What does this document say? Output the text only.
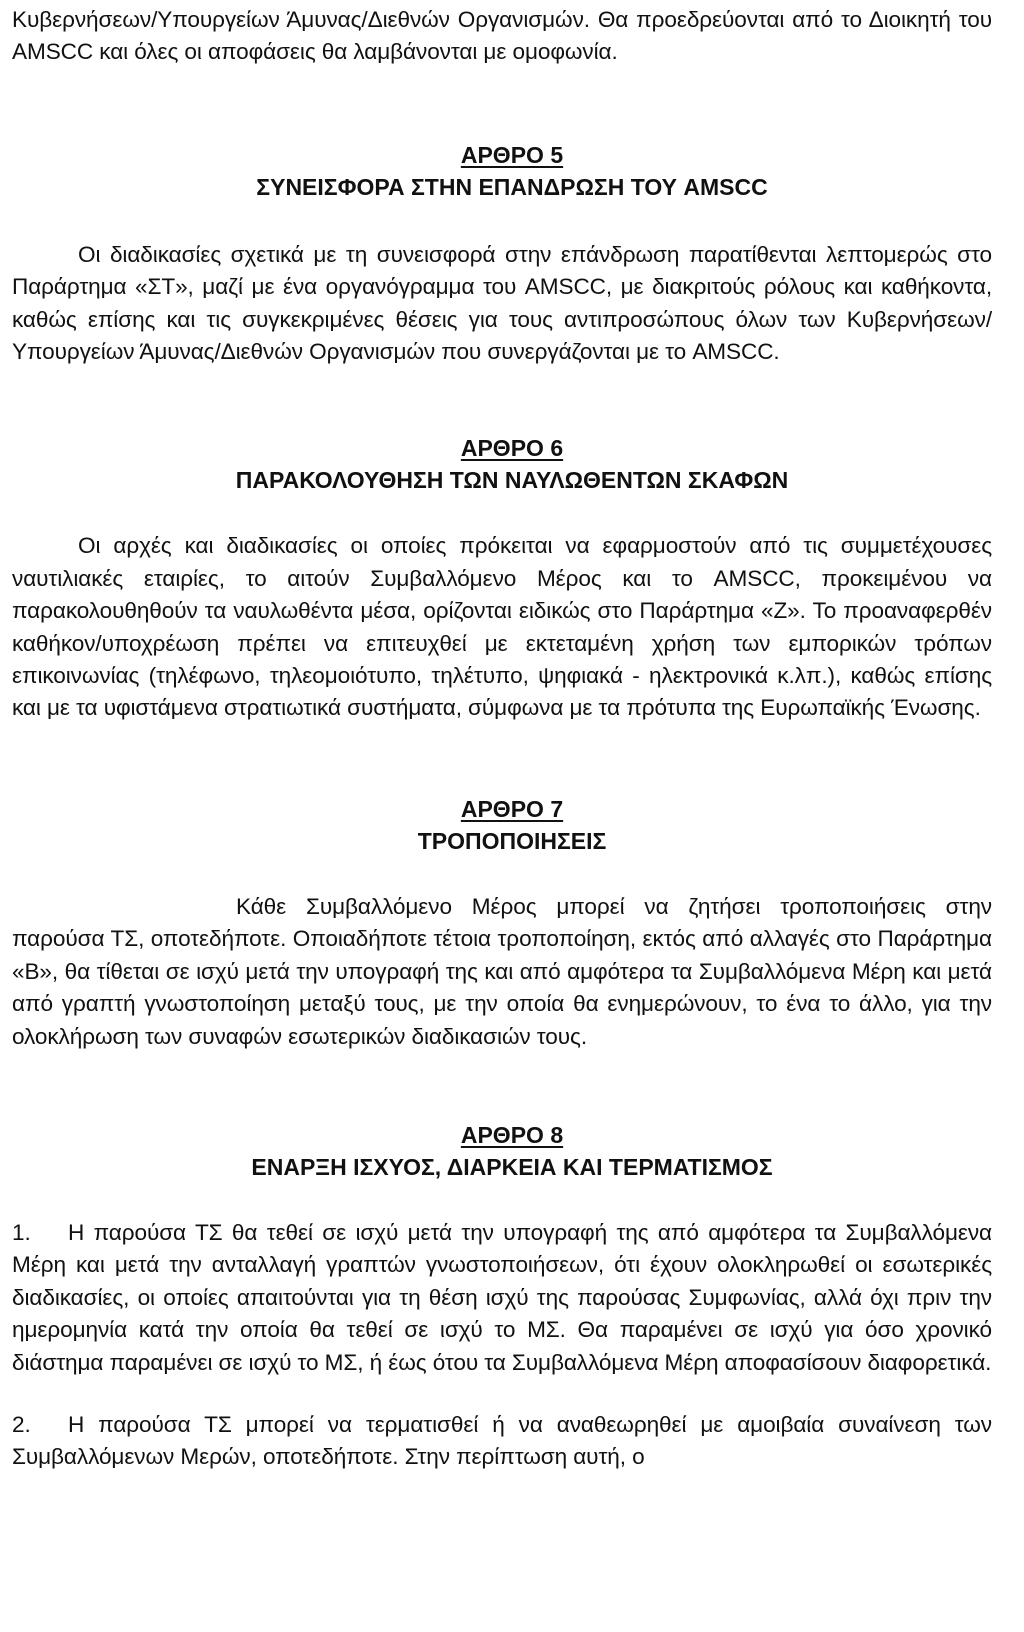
Κυβερνήσεων/Υπουργείων Άμυνας/Διεθνών Οργανισμών. Θα προεδρεύονται από το Διοικητή του AMSCC και όλες οι αποφάσεις θα λαμβάνονται με ομοφωνία.

ΑΡΘΡΟ 5
ΣΥΝΕΙΣΦΟΡΑ ΣΤΗΝ ΕΠΑΝΔΡΩΣΗ ΤΟΥ AMSCC

Οι διαδικασίες σχετικά με τη συνεισφορά στην επάνδρωση παρατίθενται λεπτομερώς στο Παράρτημα «ΣΤ», μαζί με ένα οργανόγραμμα του AMSCC, με διακριτούς ρόλους και καθήκοντα, καθώς επίσης και τις συγκεκριμένες θέσεις για τους αντιπροσώπους όλων των Κυβερνήσεων/Υπουργείων Άμυνας/Διεθνών Οργανισμών που συνεργάζονται με το AMSCC.

ΑΡΘΡΟ 6
ΠΑΡΑΚΟΛΟΥΘΗΣΗ ΤΩΝ ΝΑΥΛΩΘΕΝΤΩΝ ΣΚΑΦΩΝ

Οι αρχές και διαδικασίες οι οποίες πρόκειται να εφαρμοστούν από τις συμμετέχουσες ναυτιλιακές εταιρίες, το αιτούν Συμβαλλόμενο Μέρος και το AMSCC, προκειμένου να παρακολουθηθούν τα ναυλωθέντα μέσα, ορίζονται ειδικώς στο Παράρτημα «Ζ». Το προαναφερθέν καθήκον/υποχρέωση πρέπει να επιτευχθεί με εκτεταμένη χρήση των εμπορικών τρόπων επικοινωνίας (τηλέφωνο, τηλεομοιότυπο, τηλέτυπο, ψηφιακά - ηλεκτρονικά κ.λπ.), καθώς επίσης και με τα υφιστάμενα στρατιωτικά συστήματα, σύμφωνα με τα πρότυπα της Ευρωπαϊκής Ένωσης.

ΑΡΘΡΟ 7
ΤΡΟΠΟΠΟΙΗΣΕΙΣ

Κάθε Συμβαλλόμενο Μέρος μπορεί να ζητήσει τροποποιήσεις στην παρούσα ΤΣ, οποτεδήποτε. Οποιαδήποτε τέτοια τροποποίηση, εκτός από αλλαγές στο Παράρτημα «Β», θα τίθεται σε ισχύ μετά την υπογραφή της και από αμφότερα τα Συμβαλλόμενα Μέρη και μετά από γραπτή γνωστοποίηση μεταξύ τους, με την οποία θα ενημερώνουν, το ένα το άλλο, για την ολοκλήρωση των συναφών εσωτερικών διαδικασιών τους.

ΑΡΘΡΟ 8
ΕΝΑΡΞΗ ΙΣΧΥΟΣ, ΔΙΑΡΚΕΙΑ ΚΑΙ ΤΕΡΜΑΤΙΣΜΟΣ

1. Η παρούσα ΤΣ θα τεθεί σε ισχύ μετά την υπογραφή της από αμφότερα τα Συμβαλλόμενα Μέρη και μετά την ανταλλαγή γραπτών γνωστοποιήσεων, ότι έχουν ολοκληρωθεί οι εσωτερικές διαδικασίες, οι οποίες απαιτούνται για τη θέση ισχύ της παρούσας Συμφωνίας, αλλά όχι πριν την ημερομηνία κατά την οποία θα τεθεί σε ισχύ το ΜΣ. Θα παραμένει σε ισχύ για όσο χρονικό διάστημα παραμένει σε ισχύ το ΜΣ, ή έως ότου τα Συμβαλλόμενα Μέρη αποφασίσουν διαφορετικά.

2. Η παρούσα ΤΣ μπορεί να τερματισθεί ή να αναθεωρηθεί με αμοιβαία συναίνεση των Συμβαλλόμενων Μερών, οποτεδήποτε. Στην περίπτωση αυτή, ο
